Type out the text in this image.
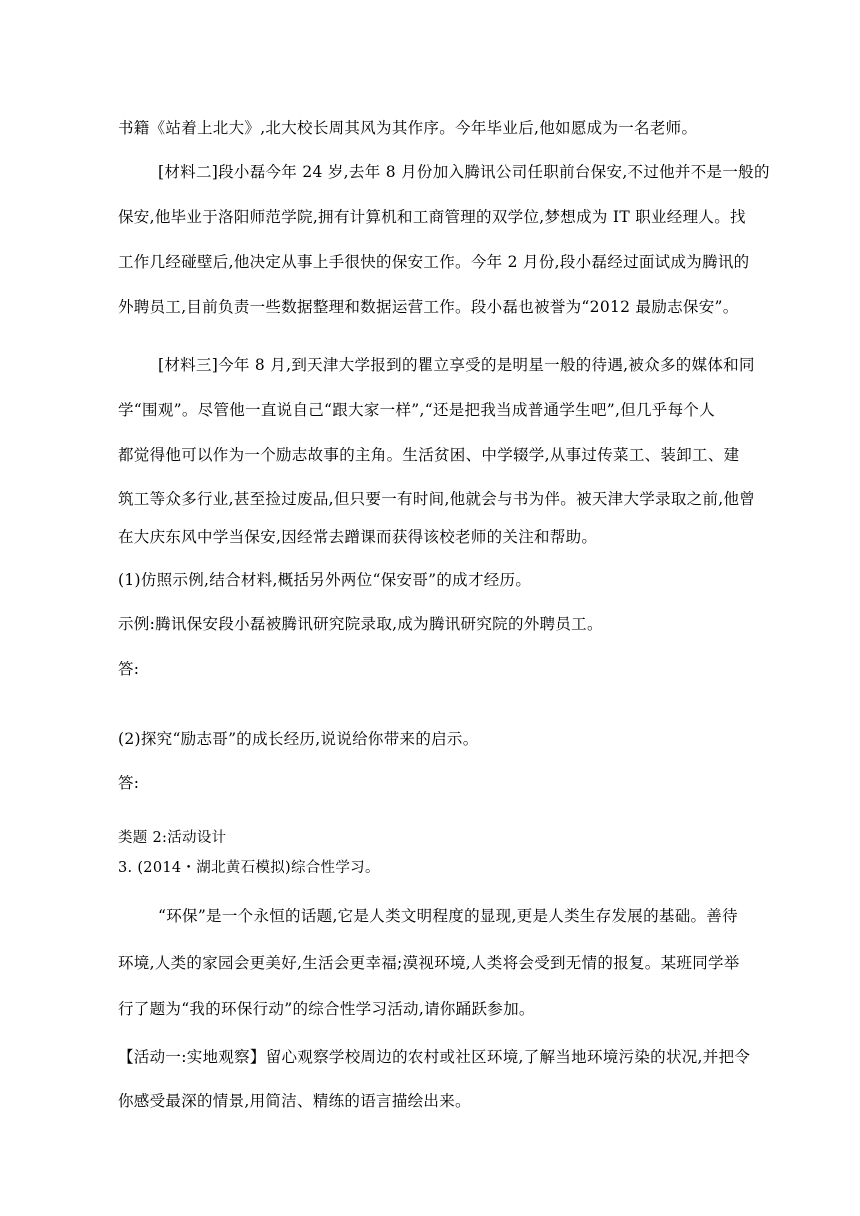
书籍《站着上北大》,北大校长周其风为其作序。今年毕业后,他如愿成为一名老师。
[材料二]段小磊今年 24 岁,去年 8 月份加入腾讯公司任职前台保安,不过他并不是一般的
保安,他毕业于洛阳师范学院,拥有计算机和工商管理的双学位,梦想成为 IT 职业经理人。找
工作几经碰壁后,他决定从事上手很快的保安工作。今年 2 月份,段小磊经过面试成为腾讯的
外聘员工,目前负责一些数据整理和数据运营工作。段小磊也被誉为“2012 最励志保安”。
[材料三]今年 8 月,到天津大学报到的瞿立享受的是明星一般的待遇,被众多的媒体和同
学“围观”。尽管他一直说自己“跟大家一样”,“还是把我当成普通学生吧”,但几乎每个人
都觉得他可以作为一个励志故事的主角。生活贫困、中学辍学,从事过传菜工、装卸工、建
筑工等众多行业,甚至捡过废品,但只要一有时间,他就会与书为伴。被天津大学录取之前,他曾
在大庆东风中学当保安,因经常去蹭课而获得该校老师的关注和帮助。
(1)仿照示例,结合材料,概括另外两位“保安哥”的成才经历。
示例:腾讯保安段小磊被腾讯研究院录取,成为腾讯研究院的外聘员工。
答:
(2)探究“励志哥”的成长经历,说说给你带来的启示。
答:
类题 2:活动设计
3. (2014・湖北黄石模拟)综合性学习。
“环保”是一个永恒的话题,它是人类文明程度的显现,更是人类生存发展的基础。善待
环境,人类的家园会更美好,生活会更幸福;漠视环境,人类将会受到无情的报复。某班同学举
行了题为“我的环保行动”的综合性学习活动,请你踊跃参加。
【活动一:实地观察】留心观察学校周边的农村或社区环境,了解当地环境污染的状况,并把令
你感受最深的情景,用简洁、精练的语言描绘出来。
